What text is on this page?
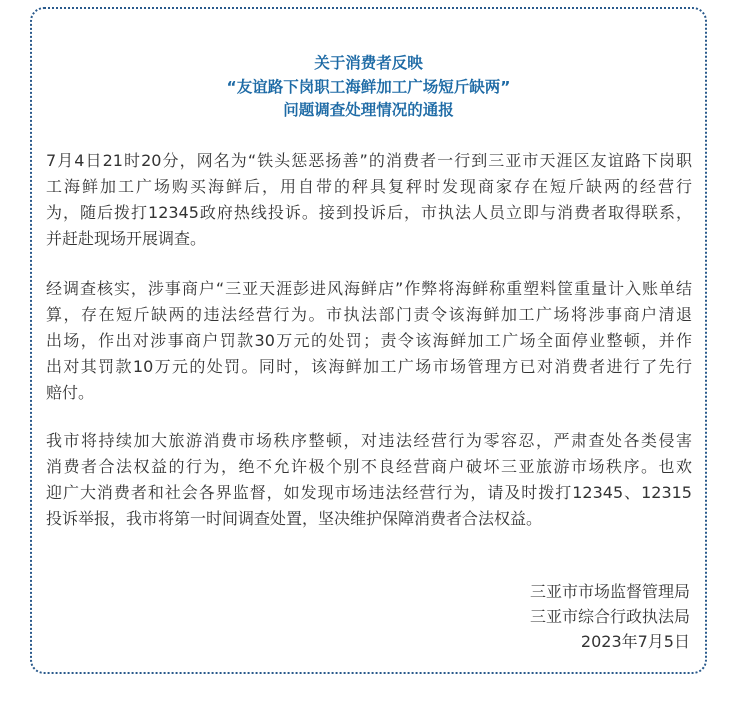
关于消费者反映
“友谊路下岗职工海鲜加工广场短斤缺两”
问题调查处理情况的通报
7月4日21时20分，网名为“铁头惩恶扬善”的消费者一行到三亚市天涯区友谊路下岗职
工海鲜加工广场购买海鲜后，用自带的秤具复秤时发现商家存在短斤缺两的经营行
为，随后拨打12345政府热线投诉。接到投诉后，市执法人员立即与消费者取得联系，
并赶赴现场开展调查。
经调查核实，涉事商户“三亚天涯彭进风海鲜店”作弊将海鲜称重塑料筐重量计入账单结
算，存在短斤缺两的违法经营行为。市执法部门责令该海鲜加工广场将涉事商户清退
出场，作出对涉事商户罚款30万元的处罚；责令该海鲜加工广场全面停业整顿，并作
出对其罚款10万元的处罚。同时，该海鲜加工广场市场管理方已对消费者进行了先行
赔付。
我市将持续加大旅游消费市场秩序整顿，对违法经营行为零容忍，严肃查处各类侵害
消费者合法权益的行为，绝不允许极个别不良经营商户破坏三亚旅游市场秩序。也欢
迎广大消费者和社会各界监督，如发现市场违法经营行为，请及时拨打12345、12315
投诉举报，我市将第一时间调查处置，坚决维护保障消费者合法权益。
三亚市市场监督管理局
三亚市综合行政执法局
2023年7月5日
